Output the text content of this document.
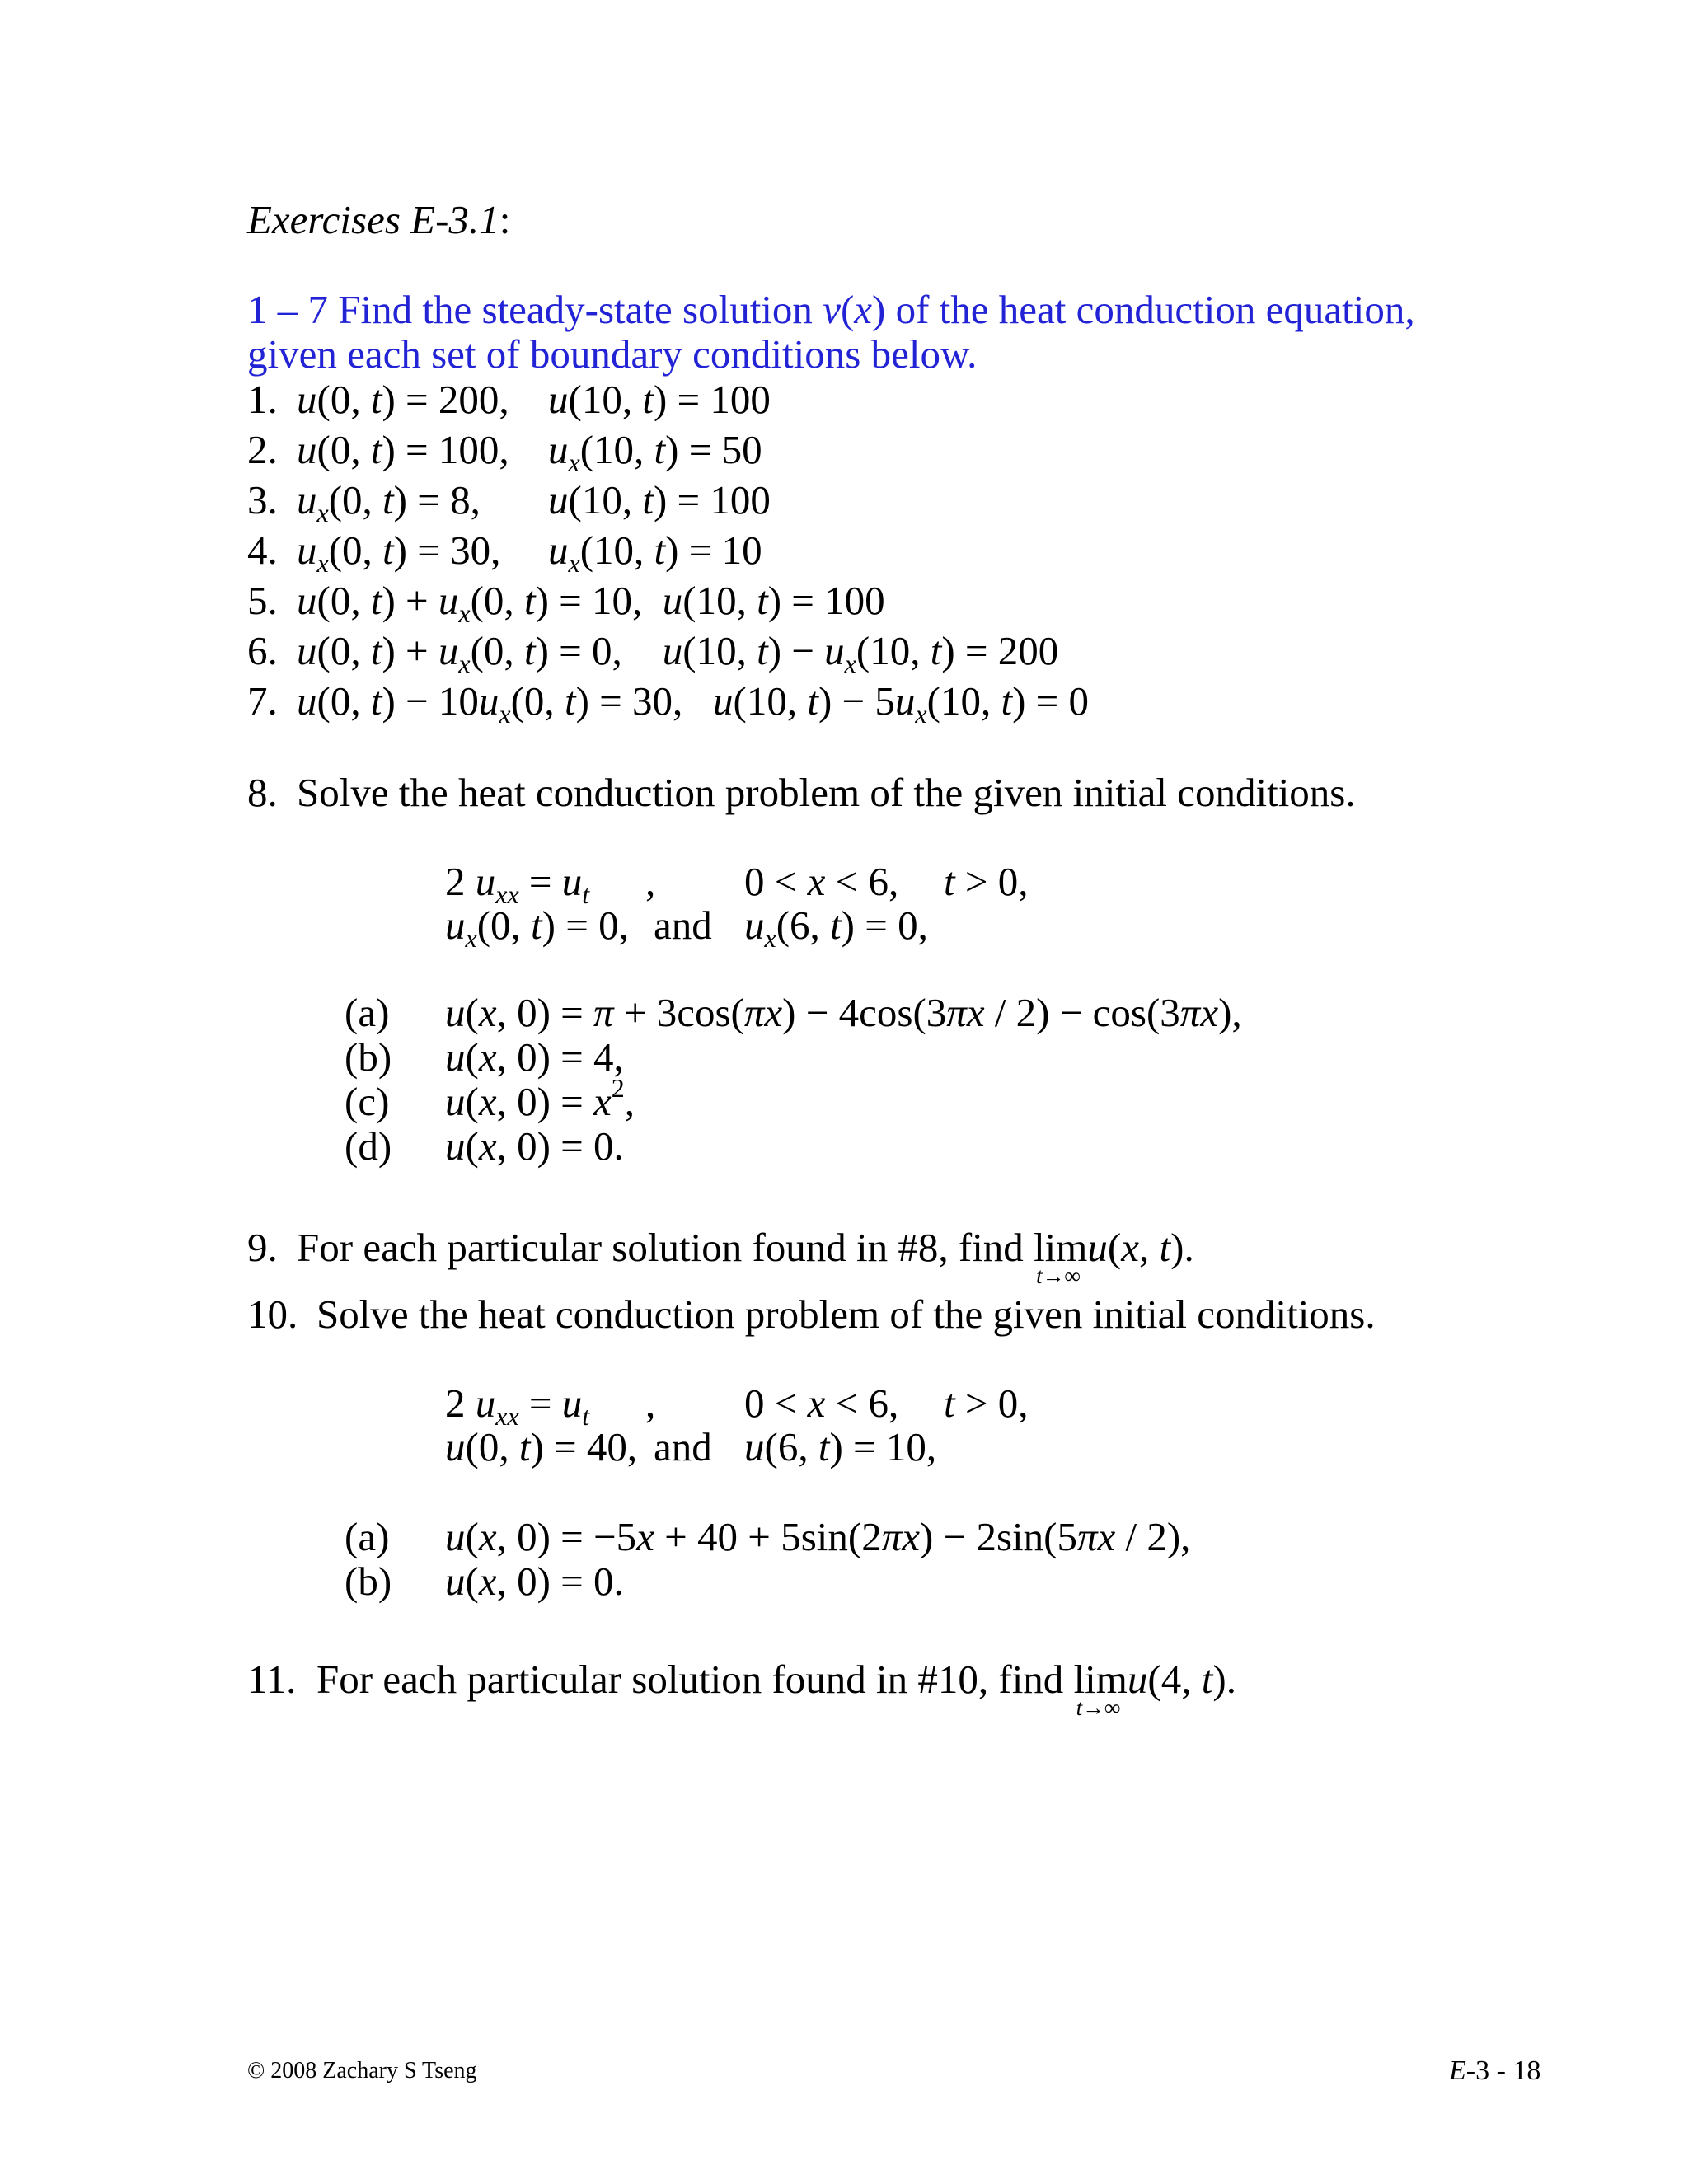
Exercises E-3.1:
1 – 7 Find the steady-state solution v(x) of the heat conduction equation,
given each set of boundary conditions below.
1. u(0, t) = 200, u(10, t) = 100
2. u(0, t) = 100, $u_x(10$, t) = 50
3. $u_x(0$, t) = 8, u(10, t) = 100
4. $u_x(0$, t) = 30, $u_x(10$, t) = 10
5. u(0, $t) + u_x(0$, t) = 10,  u(10, t) = 100
6. u(0, $t) + u_x(0$, t) = 0,    u(10, $t) - u_x(10$, t) = 200
7. u(0, $t) - 10u_x(0$, t) = 30,   u(10, $t) - 5u_x(10$, t) = 0
8. Solve the heat conduction problem of the given initial conditions.
2 $u_{xx} = u_t$ , 0 < x < 6, t > 0,
$u_x(0$, t) = 0, and $u_x(6$, t) = 0,
(a) u(x, 0) = π + 3cos(πx) − 4cos(3πx / 2) − cos(3πx),
(b) u(x, 0) = 4,
(c) u(x, $0) = x^2$,
(d) u(x, 0) = 0.
9. For each particular solution found in #8, find lim
t→∞
u(x, t).
10. Solve the heat conduction problem of the given initial conditions.
2 $u_{xx} = u_t$ , 0 < x < 6, t > 0,
u(0, t) = 40, and u(6, t) = 10,
(a) u(x, 0) = −5x + 40 + 5sin(2πx) − 2sin(5πx / 2),
(b) u(x, 0) = 0.
11. For each particular solution found in #10, find lim
t→∞
u(4, t).
© 2008 Zachary S Tseng	E-3 - 18
